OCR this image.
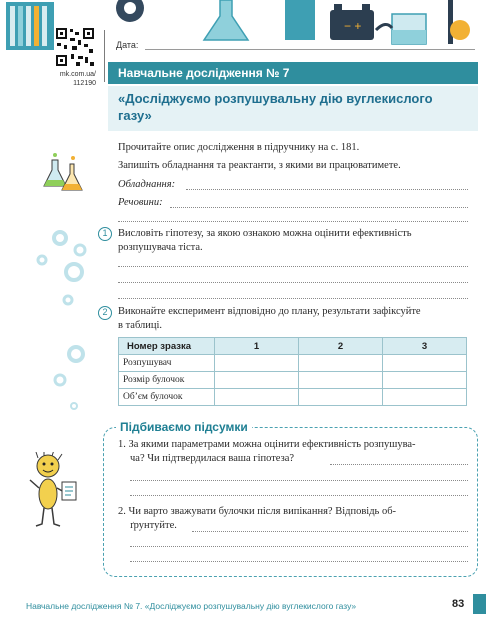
− +
mk.com.ua/
112190
Дата:
Навчальне дослідження № 7
«Досліджуємо розпушувальну дію вуглекислого газу»
Прочитайте опис дослідження в підручнику на с. 181.
Запишіть обладнання та реактанти, з якими ви працюватимете.
Обладнання:
Речовини:
1	Висловіть гіпотезу, за якою ознакою можна оцінити ефективність
розпушувача тіста.
2	Виконайте експеримент відповідно до плану, результати зафіксуйте
в таблиці.
Номер зразка	1	2	3
Розпушувач			
Розмір булочок			
Об’єм булочок			
Підбиваємо підсумки
1. За якими параметрами можна оцінити ефективність розпушува-
ча? Чи підтвердилася ваша гіпотеза?
2. Чи варто зважувати булочки після випікання? Відповідь об-
ґрунтуйте.
Навчальне дослідження № 7. «Досліджуємо розпушувальну дію вуглекислого газу»	83
